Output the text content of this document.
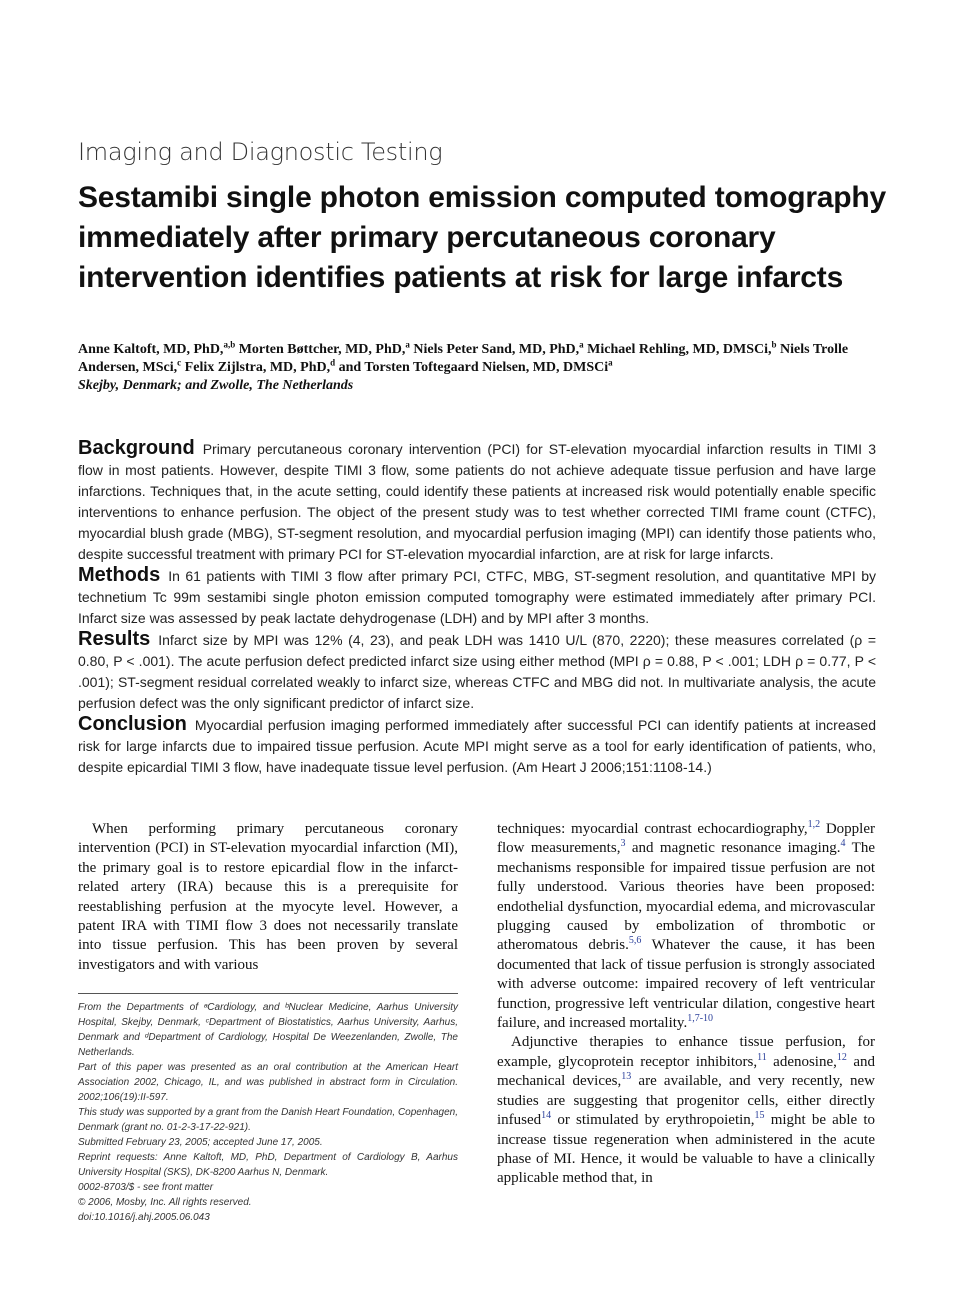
Imaging and Diagnostic Testing
Sestamibi single photon emission computed tomography immediately after primary percutaneous coronary intervention identifies patients at risk for large infarcts
Anne Kaltoft, MD, PhD,$^{a,b}$ Morten Bøttcher, MD, PhD,$^a$ Niels Peter Sand, MD, PhD,$^a$ Michael Rehling, MD, DMSCi,$^b$ Niels Trolle Andersen, MSci,$^c$ Felix Zijlstra, MD, PhD,$^d$ and Torsten Toftegaard Nielsen, MD, DMSCi$^a$
Skejby, Denmark; and Zwolle, The Netherlands

Background Primary percutaneous coronary intervention (PCI) for ST-elevation myocardial infarction results in TIMI 3 flow in most patients. However, despite TIMI 3 flow, some patients do not achieve adequate tissue perfusion and have large infarctions. Techniques that, in the acute setting, could identify these patients at increased risk would potentially enable specific interventions to enhance perfusion. The object of the present study was to test whether corrected TIMI frame count (CTFC), myocardial blush grade (MBG), ST-segment resolution, and myocardial perfusion imaging (MPI) can identify those patients who, despite successful treatment with primary PCI for ST-elevation myocardial infarction, are at risk for large infarcts.

Methods In 61 patients with TIMI 3 flow after primary PCI, CTFC, MBG, ST-segment resolution, and quantitative MPI by technetium Tc 99m sestamibi single photon emission computed tomography were estimated immediately after primary PCI. Infarct size was assessed by peak lactate dehydrogenase (LDH) and by MPI after 3 months.

Results Infarct size by MPI was 12% (4, 23), and peak LDH was 1410 U/L (870, 2220); these measures correlated (ρ = 0.80, P < .001). The acute perfusion defect predicted infarct size using either method (MPI ρ = 0.88, P < .001; LDH ρ = 0.77, P < .001); ST-segment residual correlated weakly to infarct size, whereas CTFC and MBG did not. In multivariate analysis, the acute perfusion defect was the only significant predictor of infarct size.

Conclusion Myocardial perfusion imaging performed immediately after successful PCI can identify patients at increased risk for large infarcts due to impaired tissue perfusion. Acute MPI might serve as a tool for early identification of patients, who, despite epicardial TIMI 3 flow, have inadequate tissue level perfusion. (Am Heart J 2006;151:1108-14.)

When performing primary percutaneous coronary intervention (PCI) in ST-elevation myocardial infarction (MI), the primary goal is to restore epicardial flow in the infarct-related artery (IRA) because this is a prerequisite for reestablishing perfusion at the myocyte level. However, a patent IRA with TIMI flow 3 does not necessarily translate into tissue perfusion. This has been proven by several investigators and with various

From the Departments of ᵃCardiology, and ᵇNuclear Medicine, Aarhus University Hospital, Skejby, Denmark, ᶜDepartment of Biostatistics, Aarhus University, Aarhus, Denmark and ᵈDepartment of Cardiology, Hospital De Weezenlanden, Zwolle, The Netherlands.

Part of this paper was presented as an oral contribution at the American Heart Association 2002, Chicago, IL, and was published in abstract form in Circulation. 2002;106(19):II-597.

This study was supported by a grant from the Danish Heart Foundation, Copenhagen, Denmark (grant no. 01-2-3-17-22-921).

Submitted February 23, 2005; accepted June 17, 2005.

Reprint requests: Anne Kaltoft, MD, PhD, Department of Cardiology B, Aarhus University Hospital (SKS), DK-8200 Aarhus N, Denmark.

0002-8703/$ - see front matter

© 2006, Mosby, Inc. All rights reserved.

doi:10.1016/j.ahj.2005.06.043

techniques: myocardial contrast echocardiography,$^{1,2}$ Doppler flow measurements,$^3$ and magnetic resonance imaging.$^4$ The mechanisms responsible for impaired tissue perfusion are not fully understood. Various theories have been proposed: endothelial dysfunction, myocardial edema, and microvascular plugging caused by embolization of thrombotic or atheromatous debris.$^{5,6}$ Whatever the cause, it has been documented that lack of tissue perfusion is strongly associated with adverse outcome: impaired recovery of left ventricular function, progressive left ventricular dilation, congestive heart failure, and increased mortality.$^{1,7-10}$

Adjunctive therapies to enhance tissue perfusion, for example, glycoprotein receptor inhibitors,$^{11}$ adenosine,$^{12}$ and mechanical devices,$^{13}$ are available, and very recently, new studies are suggesting that progenitor cells, either directly infused$^{14}$ or stimulated by erythropoietin,$^{15}$ might be able to increase tissue regeneration when administered in the acute phase of MI. Hence, it would be valuable to have a clinically applicable method that, in
